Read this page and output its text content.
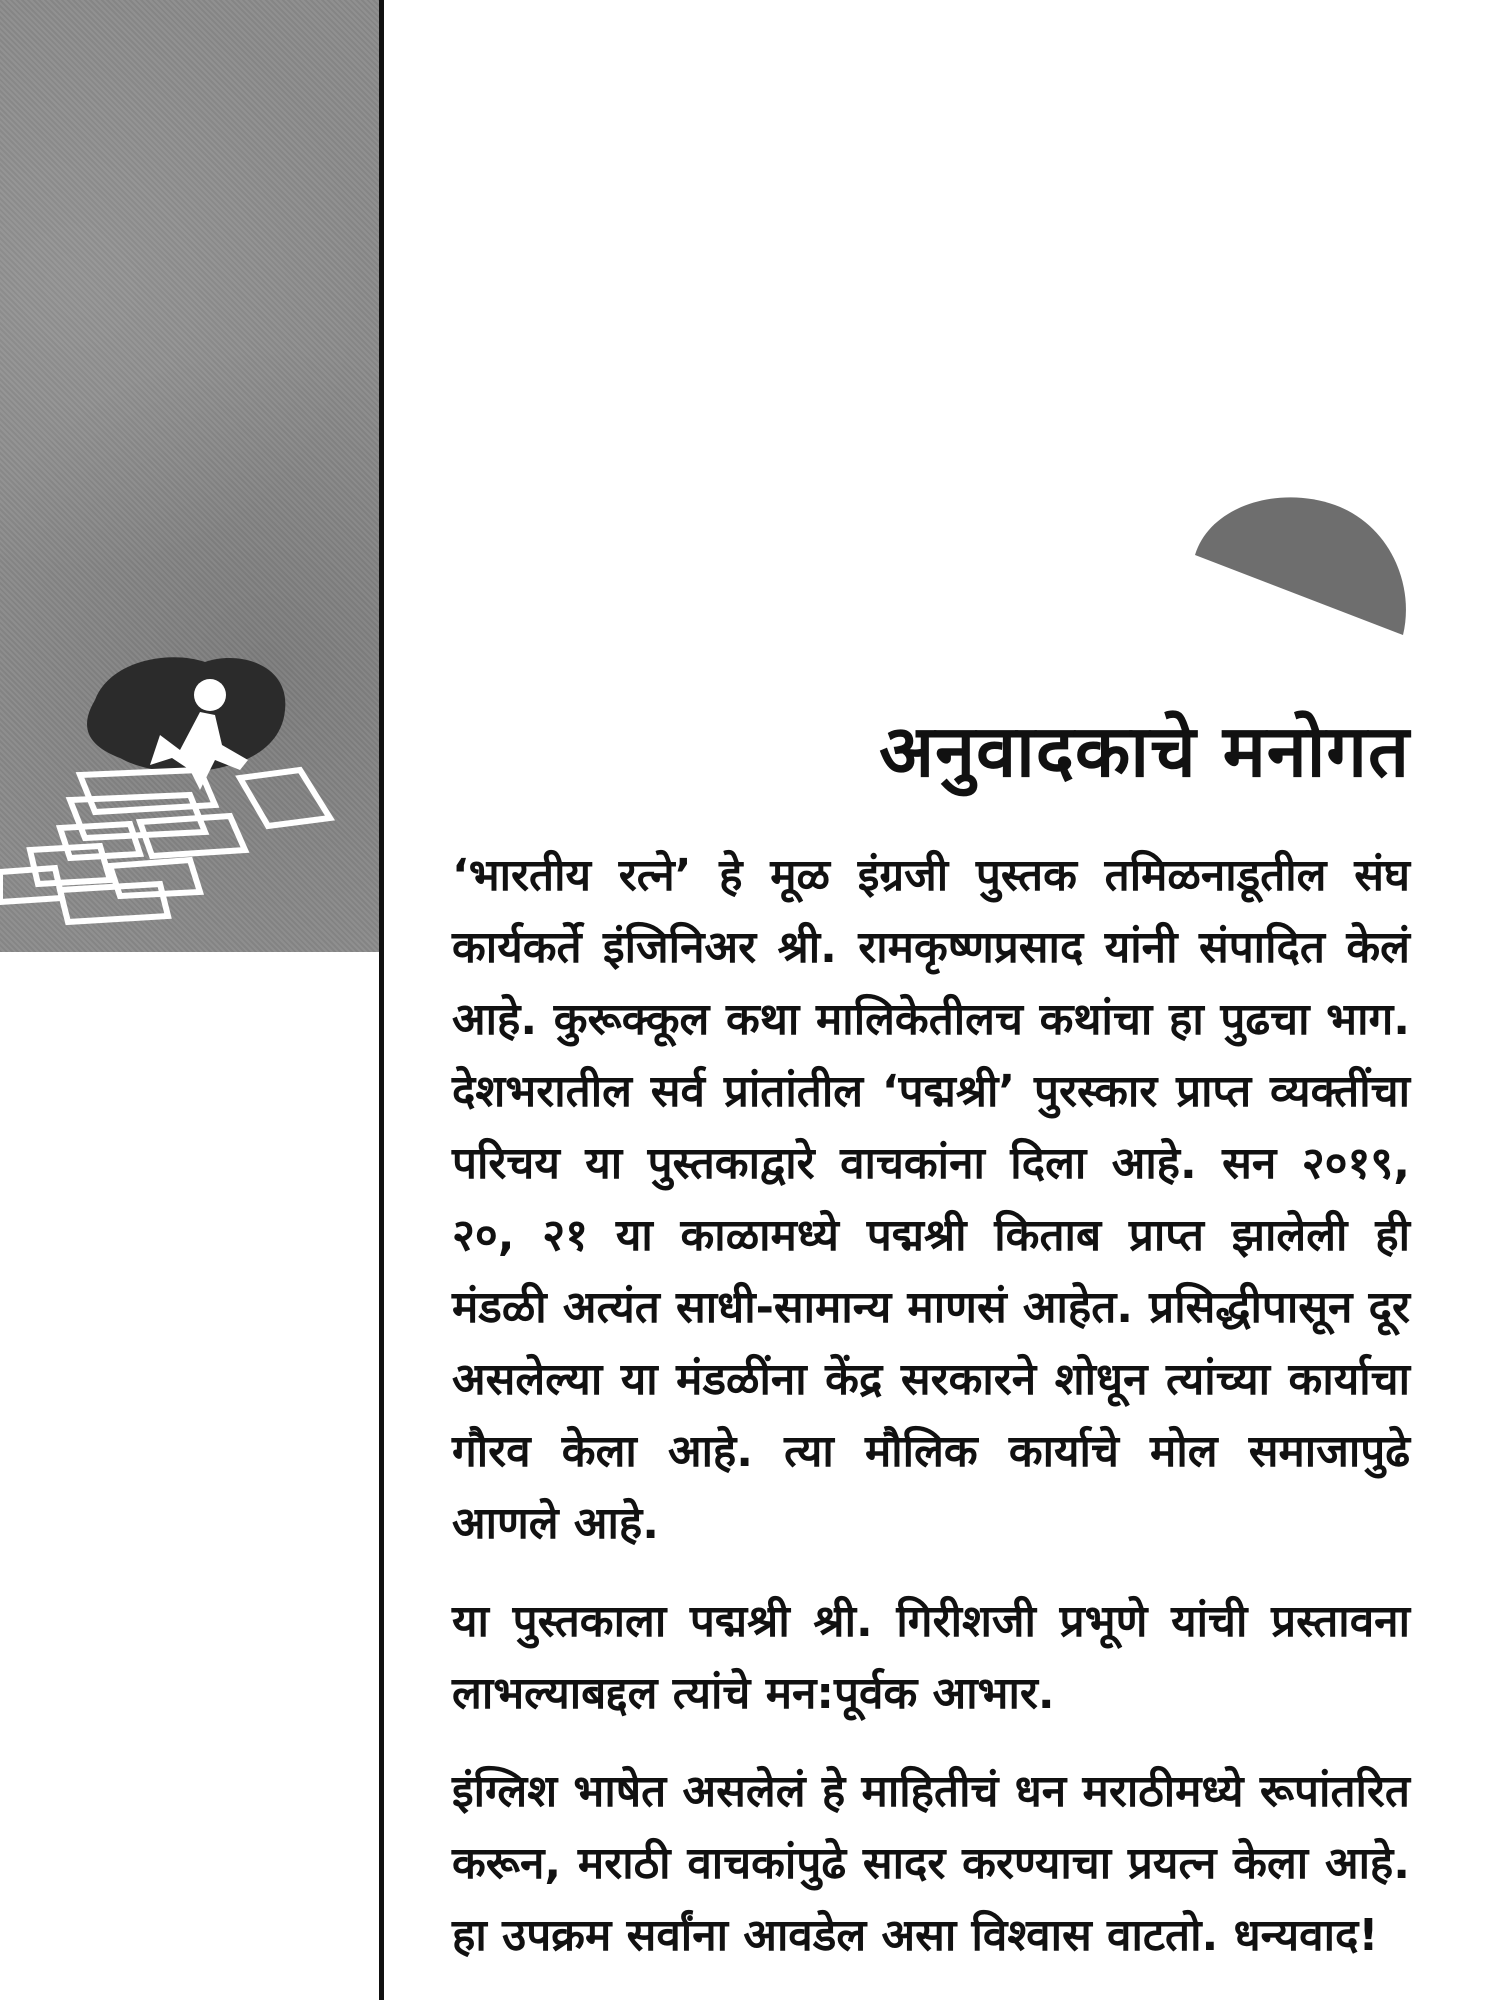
अनुवादकाचे मनोगत

‘भारतीय रत्ने’ हे मूळ इंग्रजी पुस्तक तमिळनाडूतील संघ कार्यकर्ते इंजिनिअर श्री. रामकृष्णप्रसाद यांनी संपादित केलं आहे. कुरूक्कूल कथा मालिकेतीलच कथांचा हा पुढचा भाग. देशभरातील सर्व प्रांतांतील ‘पद्मश्री’ पुरस्कार प्राप्त व्यक्तींचा परिचय या पुस्तकाद्वारे वाचकांना दिला आहे. सन २०१९, २०, २१ या काळामध्ये पद्मश्री किताब प्राप्त झालेली ही मंडळी अत्यंत साधी-सामान्य माणसं आहेत. प्रसिद्धीपासून दूर असलेल्या या मंडळींना केंद्र सरकारने शोधून त्यांच्या कार्याचा गौरव केला आहे. त्या मौलिक कार्याचे मोल समाजापुढे आणले आहे.

या पुस्तकाला पद्मश्री श्री. गिरीशजी प्रभूणे यांची प्रस्तावना लाभल्याबद्दल त्यांचे मन:पूर्वक आभार.

इंग्लिश भाषेत असलेलं हे माहितीचं धन मराठीमध्ये रूपांतरित करून, मराठी वाचकांपुढे सादर करण्याचा प्रयत्न केला आहे. हा उपक्रम सर्वांना आवडेल असा विश्वास वाटतो. धन्यवाद!
